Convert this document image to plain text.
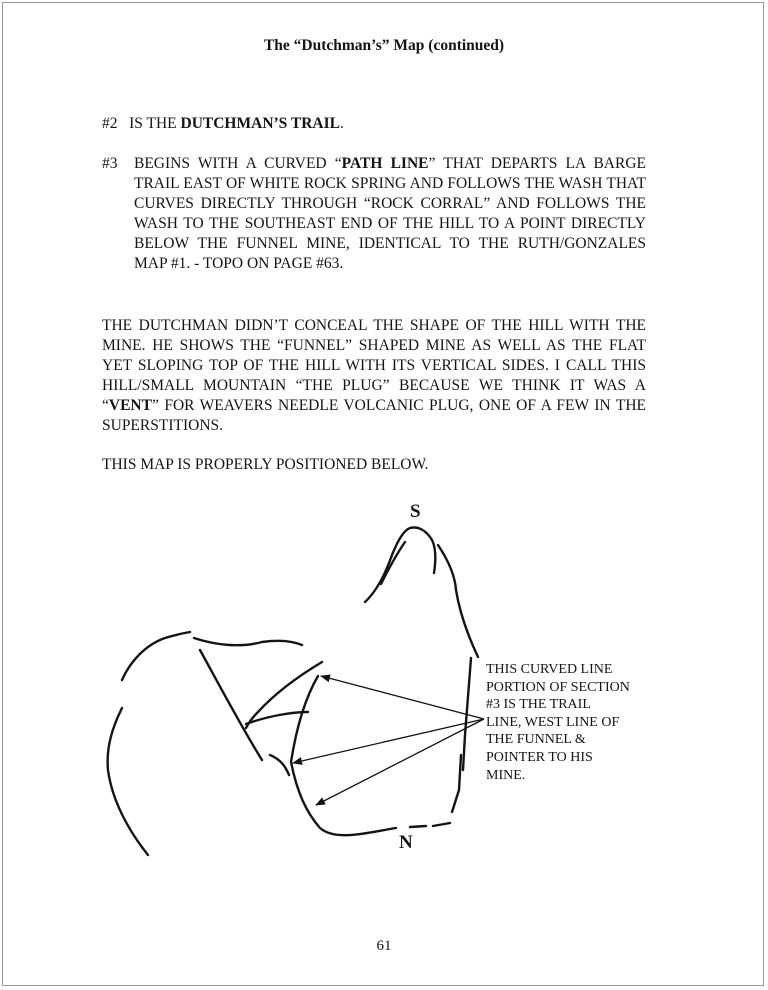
The “Dutchman’s” Map (continued)

#2 IS THE DUTCHMAN’S TRAIL.

#3 BEGINS WITH A CURVED “PATH LINE” THAT DEPARTS LA BARGE TRAIL EAST OF WHITE ROCK SPRING AND FOLLOWS THE WASH THAT CURVES DIRECTLY THROUGH “ROCK CORRAL” AND FOLLOWS THE WASH TO THE SOUTHEAST END OF THE HILL TO A POINT DIRECTLY BELOW THE FUNNEL MINE, IDENTICAL TO THE RUTH/GONZALES MAP #1. - TOPO ON PAGE #63.

THE DUTCHMAN DIDN’T CONCEAL THE SHAPE OF THE HILL WITH THE MINE. HE SHOWS THE “FUNNEL” SHAPED MINE AS WELL AS THE FLAT YET SLOPING TOP OF THE HILL WITH ITS VERTICAL SIDES. I CALL THIS HILL/SMALL MOUNTAIN “THE PLUG” BECAUSE WE THINK IT WAS A “VENT” FOR WEAVERS NEEDLE VOLCANIC PLUG, ONE OF A FEW IN THE SUPERSTITIONS.

THIS MAP IS PROPERLY POSITIONED BELOW.

S
N
THIS CURVED LINE
PORTION OF SECTION
#3 IS THE TRAIL
LINE, WEST LINE OF
THE FUNNEL &
POINTER TO HIS
MINE.
61
